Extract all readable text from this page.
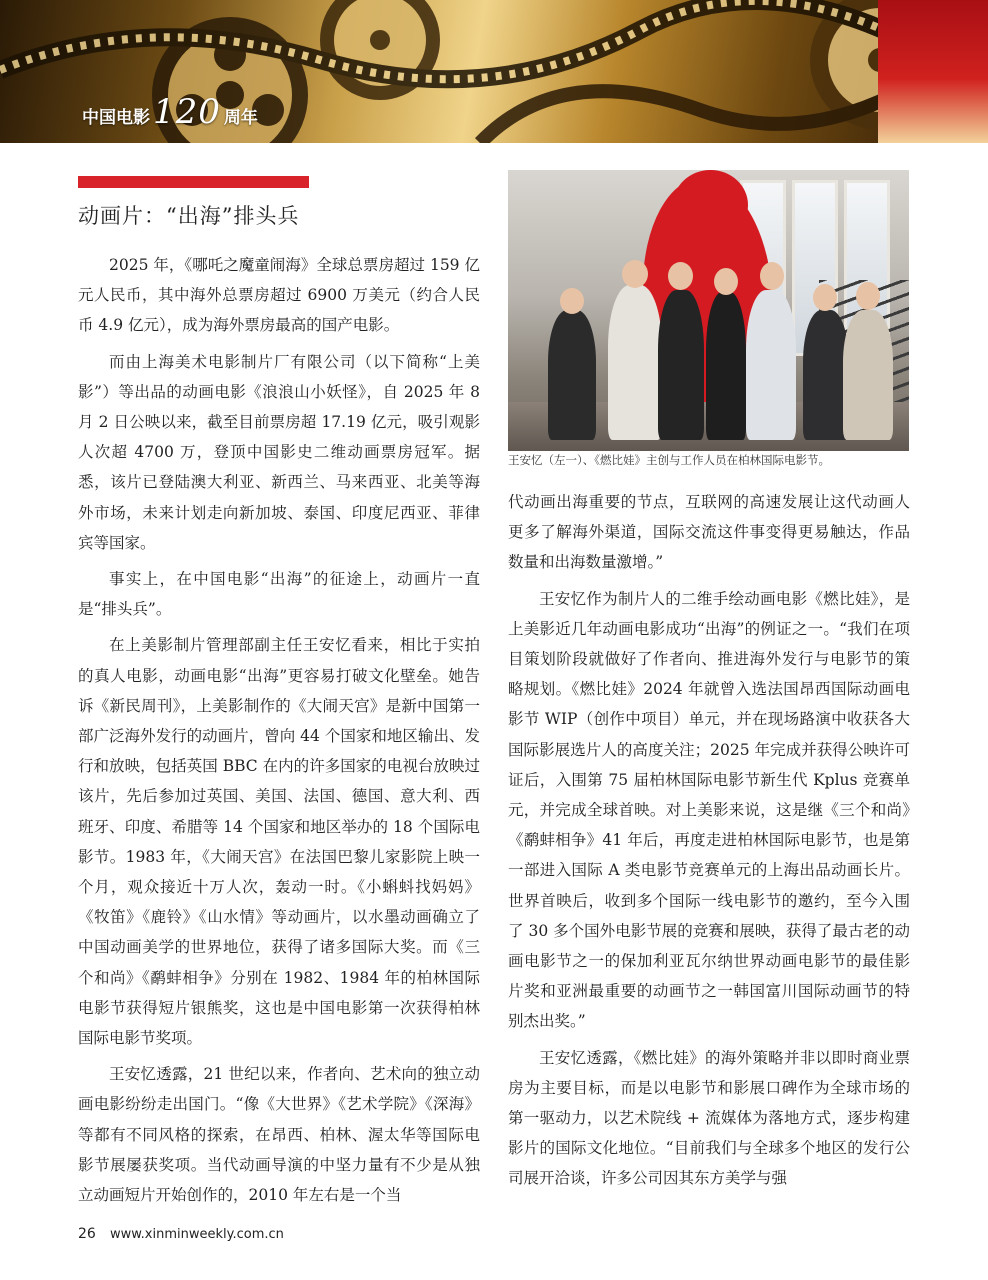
中国电影 120 周年
动画片：“出海”排头兵
王安忆（左一）、《燃比娃》主创与工作人员在柏林国际电影节。

2025 年，《哪吒之魔童闹海》全球总票房超过 159 亿元人民币，其中海外总票房超过 6900 万美元（约合人民币 4.9 亿元），成为海外票房最高的国产电影。

而由上海美术电影制片厂有限公司（以下简称“上美影”）等出品的动画电影《浪浪山小妖怪》，自 2025 年 8 月 2 日公映以来，截至目前票房超 17.19 亿元，吸引观影人次超 4700 万，登顶中国影史二维动画票房冠军。据悉，该片已登陆澳大利亚、新西兰、马来西亚、北美等海外市场，未来计划走向新加坡、泰国、印度尼西亚、菲律宾等国家。

事实上，在中国电影“出海”的征途上，动画片一直是“排头兵”。

在上美影制片管理部副主任王安忆看来，相比于实拍的真人电影，动画电影“出海”更容易打破文化壁垒。她告诉《新民周刊》，上美影制作的《大闹天宫》是新中国第一部广泛海外发行的动画片，曾向 44 个国家和地区输出、发行和放映，包括英国 BBC 在内的许多国家的电视台放映过该片，先后参加过英国、美国、法国、德国、意大利、西班牙、印度、希腊等 14 个国家和地区举办的 18 个国际电影节。1983 年，《大闹天宫》在法国巴黎儿家影院上映一个月，观众接近十万人次，轰动一时。《小蝌蚪找妈妈》《牧笛》《鹿铃》《山水情》等动画片，以水墨动画确立了中国动画美学的世界地位，获得了诸多国际大奖。而《三个和尚》《鹬蚌相争》分别在 1982、1984 年的柏林国际电影节获得短片银熊奖，这也是中国电影第一次获得柏林国际电影节奖项。

王安忆透露，21 世纪以来，作者向、艺术向的独立动画电影纷纷走出国门。“像《大世界》《艺术学院》《深海》等都有不同风格的探索，在昂西、柏林、渥太华等国际电影节展屡获奖项。当代动画导演的中坚力量有不少是从独立动画短片开始创作的，2010 年左右是一个当

代动画出海重要的节点，互联网的高速发展让这代动画人更多了解海外渠道，国际交流这件事变得更易触达，作品数量和出海数量激增。”

王安忆作为制片人的二维手绘动画电影《燃比娃》，是上美影近几年动画电影成功“出海”的例证之一。“我们在项目策划阶段就做好了作者向、推进海外发行与电影节的策略规划。《燃比娃》2024 年就曾入选法国昂西国际动画电影节 WIP（创作中项目）单元，并在现场路演中收获各大国际影展选片人的高度关注；2025 年完成并获得公映许可证后，入围第 75 届柏林国际电影节新生代 Kplus 竞赛单元，并完成全球首映。对上美影来说，这是继《三个和尚》《鹬蚌相争》41 年后，再度走进柏林国际电影节，也是第一部进入国际 A 类电影节竞赛单元的上海出品动画长片。世界首映后，收到多个国际一线电影节的邀约，至今入围了 30 多个国外电影节展的竞赛和展映，获得了最古老的动画电影节之一的保加利亚瓦尔纳世界动画电影节的最佳影片奖和亚洲最重要的动画节之一韩国富川国际动画节的特别杰出奖。”

王安忆透露，《燃比娃》的海外策略并非以即时商业票房为主要目标，而是以电影节和影展口碑作为全球市场的第一驱动力，以艺术院线 + 流媒体为落地方式，逐步构建影片的国际文化地位。“目前我们与全球多个地区的发行公司展开洽谈，许多公司因其东方美学与强

26 www.xinminweekly.com.cn
